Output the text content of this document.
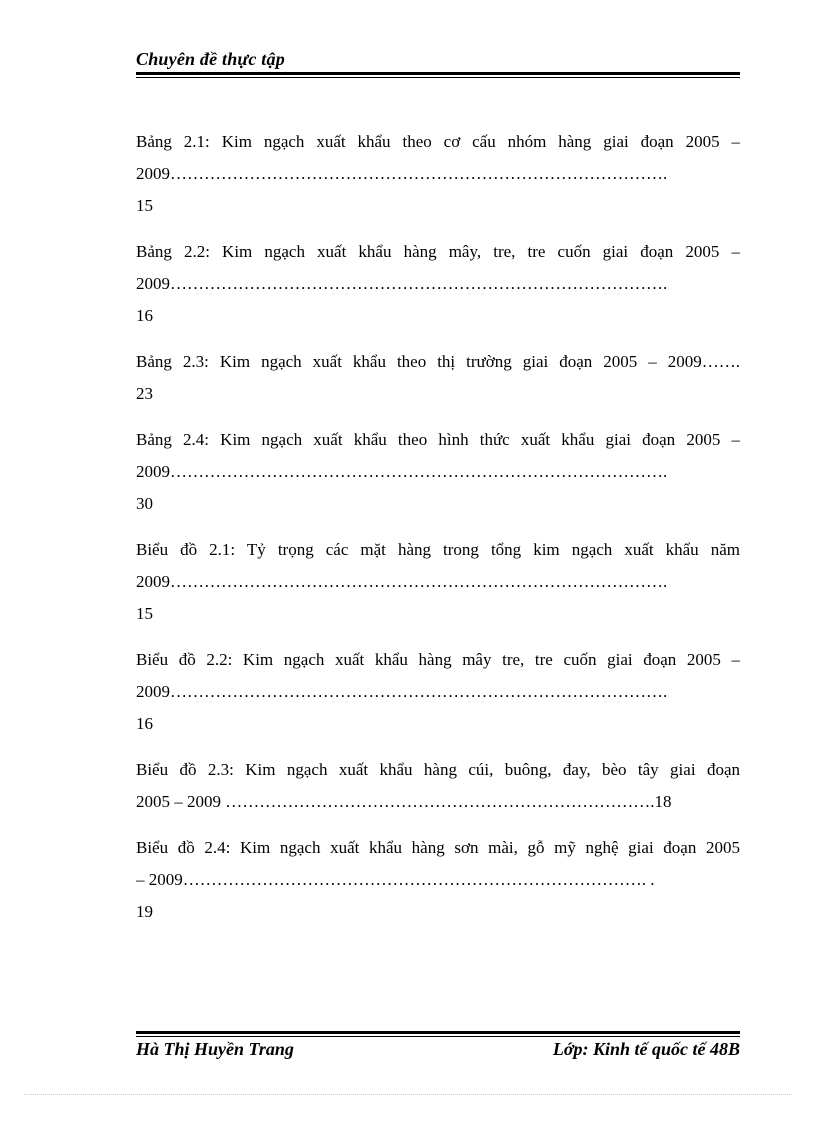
Chuyên đề thực tập
Bảng 2.1: Kim ngạch xuất khẩu theo cơ cấu nhóm hàng giai đoạn 2005 –
2009…………………………………………………………………………….
15
Bảng 2.2: Kim ngạch xuất khẩu hàng mây, tre, tre cuốn giai đoạn 2005 –
2009…………………………………………………………………………….
16
Bảng 2.3: Kim ngạch xuất khẩu theo thị trường giai đoạn 2005 – 2009…….
23
Bảng 2.4: Kim ngạch xuất khẩu theo hình thức xuất khẩu giai đoạn 2005 –
2009…………………………………………………………………………….
30
Biểu đồ 2.1: Tỷ trọng các mặt hàng trong tổng kim ngạch xuất khẩu năm
2009…………………………………………………………………………….
15
Biểu đồ 2.2: Kim ngạch xuất khẩu hàng mây tre, tre cuốn giai đoạn 2005 –
2009…………………………………………………………………………….
16
Biểu đồ 2.3: Kim ngạch xuất khẩu hàng cúi, buông, đay, bèo tây giai đoạn
2005 – 2009 ………………………………………………………………….18
Biểu đồ 2.4: Kim ngạch xuất khẩu hàng sơn mài, gỗ mỹ nghệ giai đoạn 2005
– 2009………………………………………………………………………. .
19
Hà Thị Huyền Trang	Lớp: Kinh tế quốc tế 48B
